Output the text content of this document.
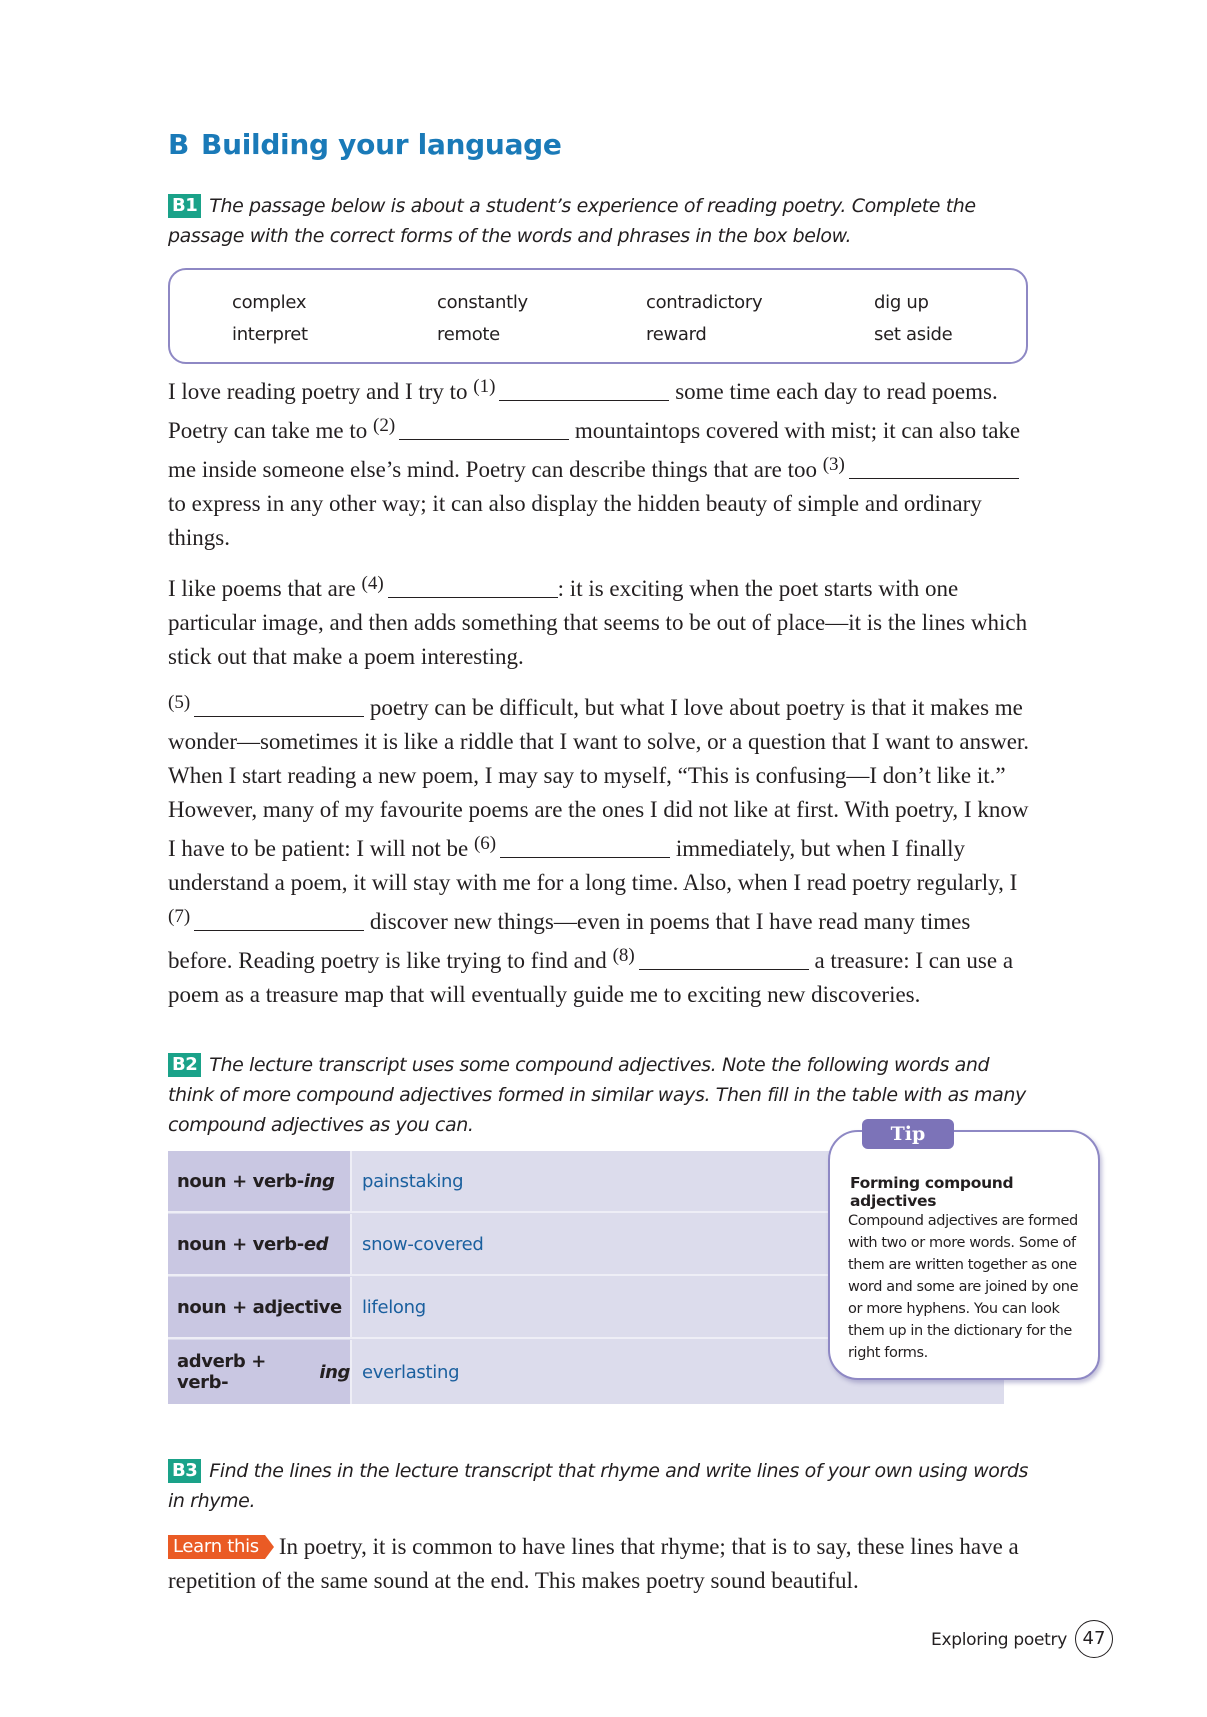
B Building your language
B1 The passage below is about a student’s experience of reading poetry. Complete the
passage with the correct forms of the words and phrases in the box below.
complex	constantly	contradictory	dig up
interpret	remote	reward	set aside

I love reading poetry and I try to $^{(1)}$	some time each day to read poems. Poetry can take me to $^{(2)}$	mountaintops covered with mist; it can also take me inside someone else’s mind. Poetry can describe things that are too $^{(3)}$ to express in any other way; it can also display the hidden beauty of simple and ordinary things.

I like poems that are $^{(4)}$	: it is exciting when the poet starts with one particular image, and then adds something that seems to be out of place—it is the lines which stick out that make a poem interesting.

$^{(5)}$	poetry can be difficult, but what I love about poetry is that it makes me wonder—sometimes it is like a riddle that I want to solve, or a question that I want to answer. When I start reading a new poem, I may say to myself, “This is confusing—I don’t like it.” However, many of my favourite poems are the ones I did not like at first. With poetry, I know I have to be patient: I will not be $^{(6)}$	immediately, but when I finally understand a poem, it will stay with me for a long time. Also, when I read poetry regularly, I $^{(7)}$	discover new things—even in poems that I have read many times before. Reading poetry is like trying to find and $^{(8)}$	a treasure: I can use a poem as a treasure map that will eventually guide me to exciting new discoveries.

B2 The lecture transcript uses some compound adjectives. Note the following words and think of more compound adjectives formed in similar ways. Then fill in the table with as many compound adjectives as you can.
noun + verb- ing painstaking
noun + verb- ed snow-covered
noun + adjective lifelong
adverb + verb-	ing everlasting
Tip
Forming compound adjectives
Compound adjectives are formed with two or more words. Some of them are written together as one word and some are joined by one or more hyphens. You can look them up in the dictionary for the right forms.
B3 Find the lines in the lecture transcript that rhyme and write lines of your own using words in rhyme.
Learn this In poetry, it is common to have lines that rhyme; that is to say, these lines have a repetition of the same sound at the end. This makes poetry sound beautiful.
Exploring poetry 47
